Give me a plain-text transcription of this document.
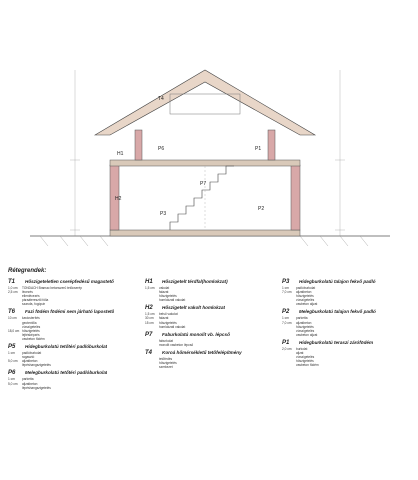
T4
H1
H2
P6
P7
P1
P2
P3
Rétegrendek:
T1	Hőszigeteletlen cserépfedésű magastető
1,0 cm	TONDACH Bramac betonszerű tetőcserép
2,5 cm	lécezés
ellenlécezés
páraáteresztő fólia
szarufa, fogópár
T6	Fazi födém födémi nem járható lapostető
10 cm	kavicsterítés
geotextília
vízszigetelés
18,0 cm hőszigetelés
lejtésképzés
vasbeton födém
P5	Hidegburkolatú tetőtéri padlóburkolat
1 cm	padlóburkolat
ragasztó
5,0 cm	aljzatbeton
lépéshangszigetelés
P6	Melegburkolatú tetőtéri padlóburkolat
1 cm	parketta
5,0 cm	aljzatbeton
lépéshangszigetelés
H1	Hőszigetelt térdfal(homlokzat)
1,5 cm	vakolat
falazat
hőszigetelés
homlokzati vakolat
H2	Hőszigetelt vakolt homlokzat
1,5 cm	belső vakolat
30 cm	falazat
15 cm	hőszigetelés
homlokzati vakolat
P7	Faburkolatú monolit vb. lépcső
faburkolat
monolit vasbeton lépcső
T4	Koroá hőmérsékletű tetőfelépítmény
tetőfedés
hőszigetelés
szerkezet
P3	Hidegburkolatú talajon fekvő padló
1 cm	padlóburkolat
7,0 cm	aljzatbeton
hőszigetelés
vízszigetelés
vasbeton aljzat
P2	Melegburkolatú talajon fekvő padló
1 cm	parketta
7,0 cm	aljzatbeton
hőszigetelés
vízszigetelés
vasbeton aljzat
P1	Hidegburkolatú teraszi zárófödém
2,0 cm	burkolat
aljzat
vízszigetelés
hőszigetelés
vasbeton födém
